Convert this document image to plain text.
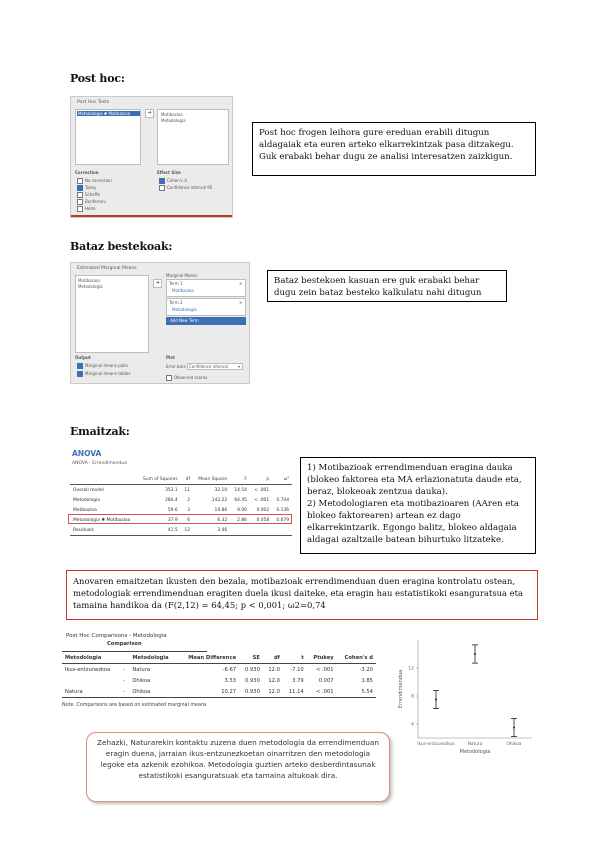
Post hoc:
Post Hoc Tests
Metodologia ✱ Motibazioa	➜	Motibazioa
Metodologia
Correction	Effect Size
No correction
Tukey
Scheffe
Bonferroni
Holm
Cohen's d
Confidence interval 95
Post hoc frogen leihora gure ereduan erabili ditugun aldagaiak eta euren arteko elkarrekintzak pasa ditzakegu. Guk erabaki behar dugu ze analisi interesatzen zaizkigun.
Bataz bestekoak:
Estimated Marginal Means
Motibazioa
Metodologia
➜
Marginal Means
Term 1
Motibazioa
✕
Term 2
Metodologia
✕
Add New Term
Output	Plot
Error bars Confidence interval ▾
Observed scores
Marginal means plots
Marginal means tables
Bataz bestekoen kasuan ere guk erabaki behar dugu zein bataz besteko kalkulatu nahi ditugun
Emaitzak:
ANOVA
ANOVA - Errendimendua
	Sum of Squares	df	Mean Square	F	p	ω²
Overall model	353.1	11	32.10	14.54	< .001	
Metodologia	284.4	2	142.22	64.45	< .001	0.744
Motibazioa	59.6	3	19.86	9.00	0.002	0.136
Metodologia ✱ Motibazioa	37.9	6	6.32	2.86	0.058	0.079
Residuals	41.5	12	3.46			
1) Motibazioak errendimenduan eragina dauka (blokeo faktorea eta MA erlazionatuta daude eta, beraz, blokeoak zentzua dauka).
2) Metodologiaren eta motibazioaren (AAren eta blokeo faktorearen) artean ez dago elkarrekintzarik. Egongo balitz, blokeo aldagaia aldagai azaltzaile batean bihurtuko litzateke.
Anovaren emaitzetan ikusten den bezala, motibazioak errendimenduan duen eragina kontrolatu ostean, metodologiak errendimenduan eragiten duela ikusi daiteke, eta eragin hau estatistikoki esanguratsua eta tamaina handikoa da (F(2,12) = 64,45; p < 0,001; ω2=0,74
Post Hoc Comparisons - Metodologia
Comparison
Metodologia		Metodologia	Mean Difference	SE	df	t	Ptukey	Cohen's d
Ikus-entzunezkoa	-	Natura	-6.67	0.930	12.0	-7.10	< .001	-3.20
	-	Ohikoa	3.53	0.930	12.0	3.79	0.007	1.85
Natura	-	Ohikoa	10.27	0.930	12.0	11.14	< .001	5.54
Note. Comparisons are based on estimated marginal means
12
8
4
Ikus-entzunezkoa	Natura	Ohikoa
Metodologia
Errendimendua
Zehazki, Naturarekin kontaktu zuzena duen metodologia da errendimenduan eragin duena, jarraian ikus-entzunezkoetan oinarritzen den metodologia legoke eta azkenik ezohikoa. Metodologia guztien arteko desberdintasunak estatistikoki esanguratsuak eta tamaina altukoak dira.
